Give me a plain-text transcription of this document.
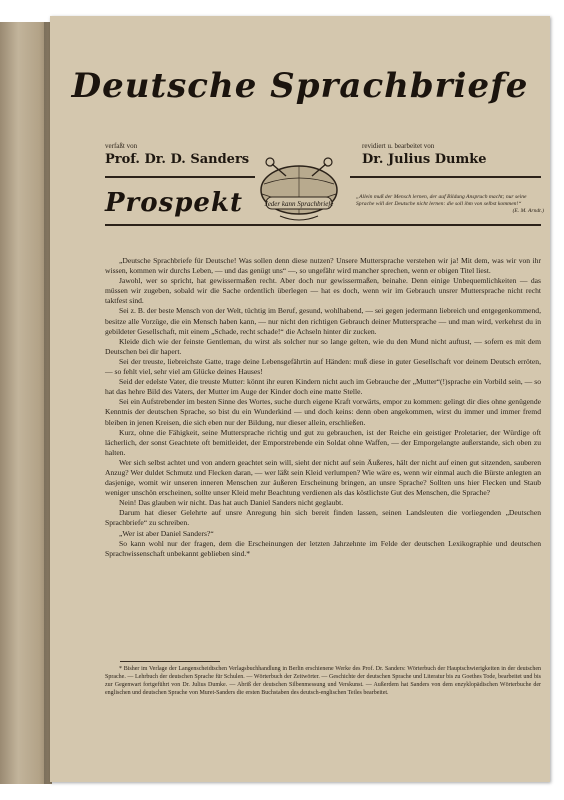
Deutsche Sprachbriefe
verfaßt von	revidiert u. bearbeitet von
Prof. Dr. D. Sanders	Dr. Julius Dumke
Jeder kann Sprachbriefe
Prospekt	„Allein muß der Mensch lernen, der auf Bildung Anspruch macht; nur seine Sprache will der Deutsche nicht lernen: die soll ihm von selbst kommen!“
(E. M. Arndt.)

„Deutsche Sprachbriefe für Deutsche! Was sollen denn diese nutzen? Unsere Muttersprache verstehen wir ja! Mit dem, was wir von ihr wissen, kommen wir durchs Leben, — und das genügt uns“ —, so ungefähr wird mancher sprechen, wenn er obigen Titel liest.

Jawohl, wer so spricht, hat gewissermaßen recht. Aber doch nur gewissermaßen, beinahe. Denn einige Unbequemlichkeiten — das müssen wir zugeben, sobald wir die Sache ordentlich überlegen — hat es doch, wenn wir im Gebrauch unsrer Muttersprache nicht recht taktfest sind.

Sei z. B. der beste Mensch von der Welt, tüchtig im Beruf, gesund, wohlhabend, — sei gegen jedermann liebreich und entgegenkommend, besitze alle Vorzüge, die ein Mensch haben kann, — nur nicht den richtigen Gebrauch deiner Muttersprache — und man wird, verkehrst du in gebildeter Gesellschaft, mit einem „Schade, recht schade!“ die Achseln hinter dir zucken.

Kleide dich wie der feinste Gentleman, du wirst als solcher nur so lange gelten, wie du den Mund nicht auftust, — sofern es mit dem Deutschen bei dir hapert.

Sei der treuste, liebreichste Gatte, trage deine Lebensgefährtin auf Händen: muß diese in guter Gesellschaft vor deinem Deutsch erröten, — so fehlt viel, sehr viel am Glücke deines Hauses!

Seid der edelste Vater, die treuste Mutter: könnt ihr euren Kindern nicht auch im Gebrauche der „Mutter“(!)sprache ein Vorbild sein, — so hat das hehre Bild des Vaters, der Mutter im Auge der Kinder doch eine matte Stelle.

Sei ein Aufstrebender im besten Sinne des Wortes, suche durch eigene Kraft vorwärts, empor zu kommen: gelingt dir dies ohne genügende Kenntnis der deutschen Sprache, so bist du ein Wunderkind — und doch keins: denn oben angekommen, wirst du immer und immer fremd bleiben in jenen Kreisen, die sich eben nur der Bildung, nur dieser allein, erschließen.

Kurz, ohne die Fähigkeit, seine Muttersprache richtig und gut zu gebrauchen, ist der Reiche ein geistiger Proletarier, der Würdige oft lächerlich, der sonst Geachtete oft bemitleidet, der Emporstrebende ein Soldat ohne Waffen, — der Emporgelangte außerstande, sich oben zu halten.

Wer sich selbst achtet und von andern geachtet sein will, sieht der nicht auf sein Äußeres, hält der nicht auf einen gut sitzenden, sauberen Anzug? Wer duldet Schmutz und Flecken daran, — wer läßt sein Kleid verlumpen? Wie wäre es, wenn wir einmal auch die Bürste anlegten an dasjenige, womit wir unseren inneren Menschen zur äußeren Erscheinung bringen, an unsre Sprache? Sollten uns hier Flecken und Staub weniger unschön erscheinen, sollte unser Kleid mehr Beachtung verdienen als das köstlichste Gut des Menschen, die Sprache?

Nein! Das glauben wir nicht. Das hat auch Daniel Sanders nicht geglaubt.

Darum hat dieser Gelehrte auf unsre Anregung hin sich bereit finden lassen, seinen Landsleuten die vorliegenden „Deutschen Sprachbriefe“ zu schreiben.

„Wer ist aber Daniel Sanders?“

So kann wohl nur der fragen, dem die Erscheinungen der letzten Jahrzehnte im Felde der deutschen Lexikographie und deutschen Sprachwissenschaft unbekannt geblieben sind.*

* Bisher im Verlage der Langenscheidtschen Verlagsbuchhandlung in Berlin erschienene Werke des Prof. Dr. Sanders: Wörterbuch der Hauptschwierigkeiten in der deutschen Sprache. — Lehrbuch der deutschen Sprache für Schulen. — Wörterbuch der Zeitwörter. — Geschichte der deutschen Sprache und Literatur bis zu Goethes Tode, bearbeitet und bis zur Gegenwart fortgeführt von Dr. Julius Dumke. — Abriß der deutschen Silbenmessung und Verskunst. — Außerdem hat Sanders von dem enzyklopädischen Wörterbuche der englischen und deutschen Sprache von Muret-Sanders die ersten Buchstaben des deutsch-englischen Teiles bearbeitet.
